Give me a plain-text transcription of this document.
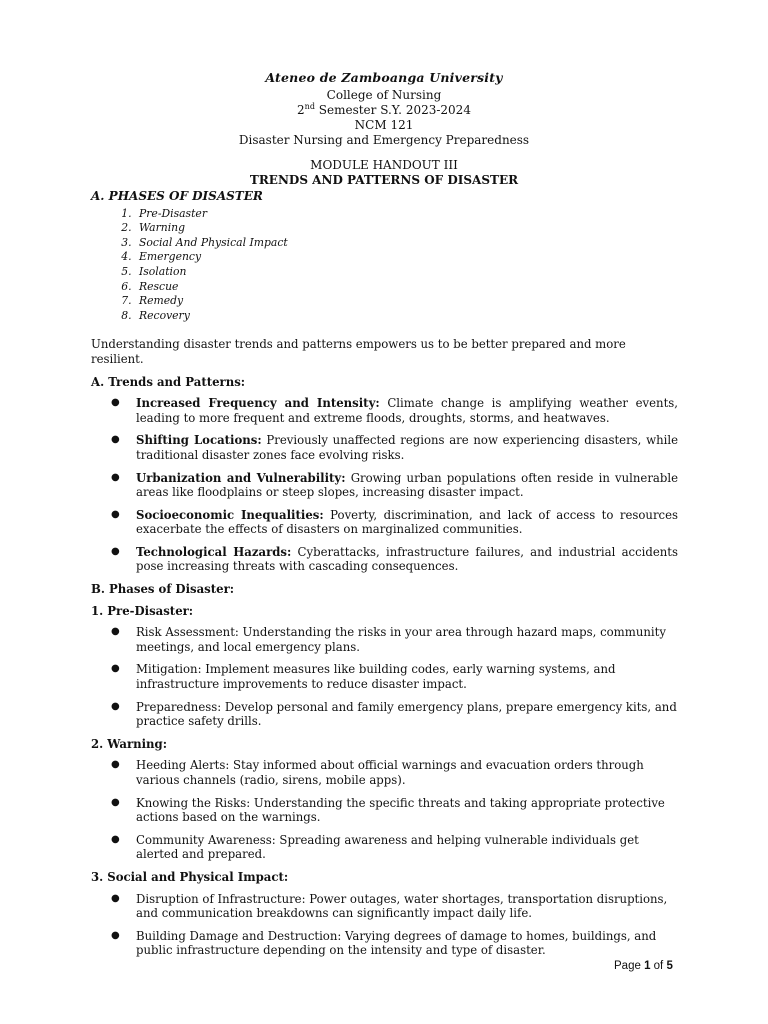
Ateneo de Zamboanga University
College of Nursing
2nd Semester S.Y. 2023-2024
NCM 121
Disaster Nursing and Emergency Preparedness
MODULE HANDOUT III
TRENDS AND PATTERNS OF DISASTER
A. PHASES OF DISASTER
1. Pre-Disaster
2. Warning
3. Social And Physical Impact
4. Emergency
5. Isolation
6. Rescue
7. Remedy
8. Recovery

Understanding disaster trends and patterns empowers us to be better prepared and more resilient.

A. Trends and Patterns:
● Increased Frequency and Intensity: Climate change is amplifying weather events, leading to more frequent and extreme floods, droughts, storms, and heatwaves.
● Shifting Locations: Previously unaffected regions are now experiencing disasters, while traditional disaster zones face evolving risks.
● Urbanization and Vulnerability: Growing urban populations often reside in vulnerable areas like floodplains or steep slopes, increasing disaster impact.
● Socioeconomic Inequalities: Poverty, discrimination, and lack of access to resources exacerbate the effects of disasters on marginalized communities.
● Technological Hazards: Cyberattacks, infrastructure failures, and industrial accidents pose increasing threats with cascading consequences.
B. Phases of Disaster:
1. Pre-Disaster:
● Risk Assessment: Understanding the risks in your area through hazard maps, community meetings, and local emergency plans.
● Mitigation: Implement measures like building codes, early warning systems, and infrastructure improvements to reduce disaster impact.
● Preparedness: Develop personal and family emergency plans, prepare emergency kits, and practice safety drills.
2. Warning:
● Heeding Alerts: Stay informed about official warnings and evacuation orders through various channels (radio, sirens, mobile apps).
● Knowing the Risks: Understanding the specific threats and taking appropriate protective actions based on the warnings.
● Community Awareness: Spreading awareness and helping vulnerable individuals get alerted and prepared.
3. Social and Physical Impact:
● Disruption of Infrastructure: Power outages, water shortages, transportation disruptions, and communication breakdowns can significantly impact daily life.
● Building Damage and Destruction: Varying degrees of damage to homes, buildings, and public infrastructure depending on the intensity and type of disaster.
Page 1 of 5
